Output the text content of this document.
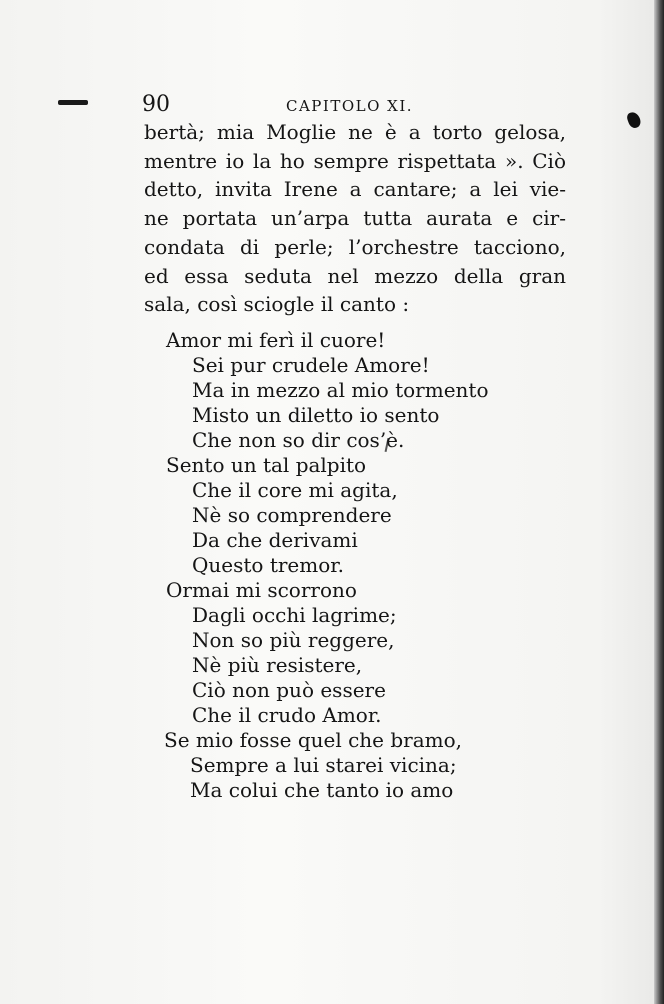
90	CAPITOLO XI.
bertà; mia Moglie ne è a torto gelosa,
mentre io la ho sempre rispettata ». Ciò
detto, invita Irene a cantare; a lei vie-
ne portata un’arpa tutta aurata e cir-
condata di perle; l’orchestre tacciono,
ed essa seduta nel mezzo della gran
sala, così sciogle il canto :
Amor mi ferì il cuore!
Sei pur crudele Amore!
Ma in mezzo al mio tormento
Misto un diletto io sento
Che non so dir cos’è.
Sento un tal palpito
Che il core mi agita,
Nè so comprendere
Da che derivami
Questo tremor.
Ormai mi scorrono
Dagli occhi lagrime;
Non so più reggere,
Nè più resistere,
Ciò non può essere
Che il crudo Amor.
Se mio fosse quel che bramo,
Sempre a lui starei vicina;
Ma colui che tanto io amo
